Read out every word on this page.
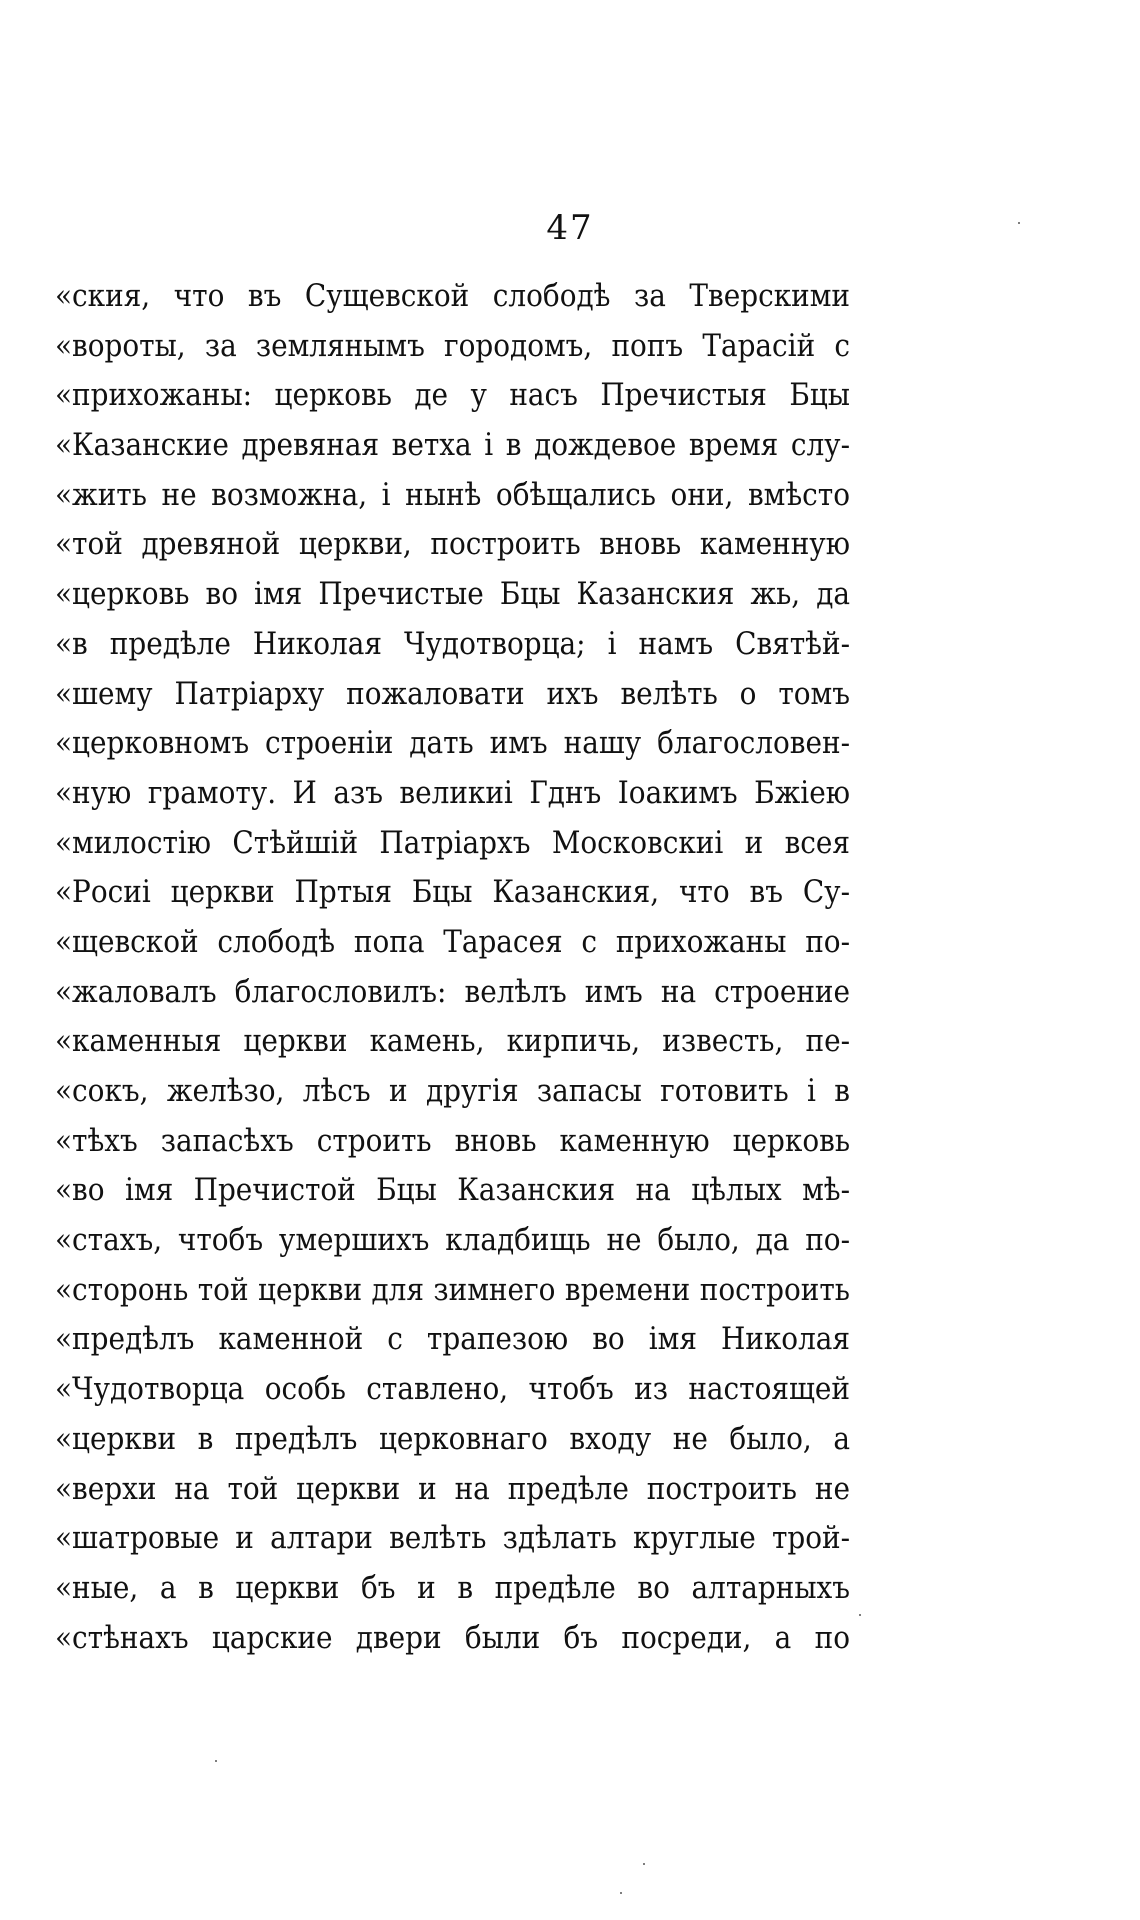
47
«ския, что въ Сущевской слободѣ за Тверскими
«вороты, за землянымъ городомъ, попъ Тарасій с
«прихожаны: церковь де у насъ Пречистыя Бцы
«Казанские древяная ветха і в дождевое время слу-
«жить не возможна, і нынѣ обѣщались они, вмѣсто
«той древяной церкви, построить вновь каменную
«церковь во імя Пречистые Бцы Казанския жь, да
«в предѣле Николая Чудотворца; і намъ Святѣй-
«шему Патріарху пожаловати ихъ велѣть о томъ
«церковномъ строеніи дать имъ нашу благословен-
«ную грамоту. И азъ великиі Гднъ Іоакимъ Бжiею
«милостію Стѣйшій Патріархъ Московскиі и всея
«Росиі церкви Пртыя Бцы Казанския, что въ Су-
«щевской слободѣ попа Тарасея с прихожаны по-
«жаловалъ благословилъ: велѣлъ имъ на строение
«каменныя церкви камень, кирпичь, известь, пе-
«сокъ, желѣзо, лѣсъ и другiя запасы готовить і в
«тѣхъ запасѣхъ строить вновь каменную церковь
«во імя Пречистой Бцы Казанския на цѣлых мѣ-
«стахъ, чтобъ умершихъ кладбищь не было, да по-
«сторонь той церкви для зимнего времени построить
«предѣлъ каменной с трапезою во імя Николая
«Чудотворца особь ставлено, чтобъ из настоящей
«церкви в предѣлъ церковнаго входу не было, а
«верхи на той церкви и на предѣле построить не
«шатровые и алтари велѣть здѣлать круглые трой-
«ные, а в церкви бъ и в предѣле во алтарныхъ
«стѣнахъ царские двери были бъ посреди, а по
